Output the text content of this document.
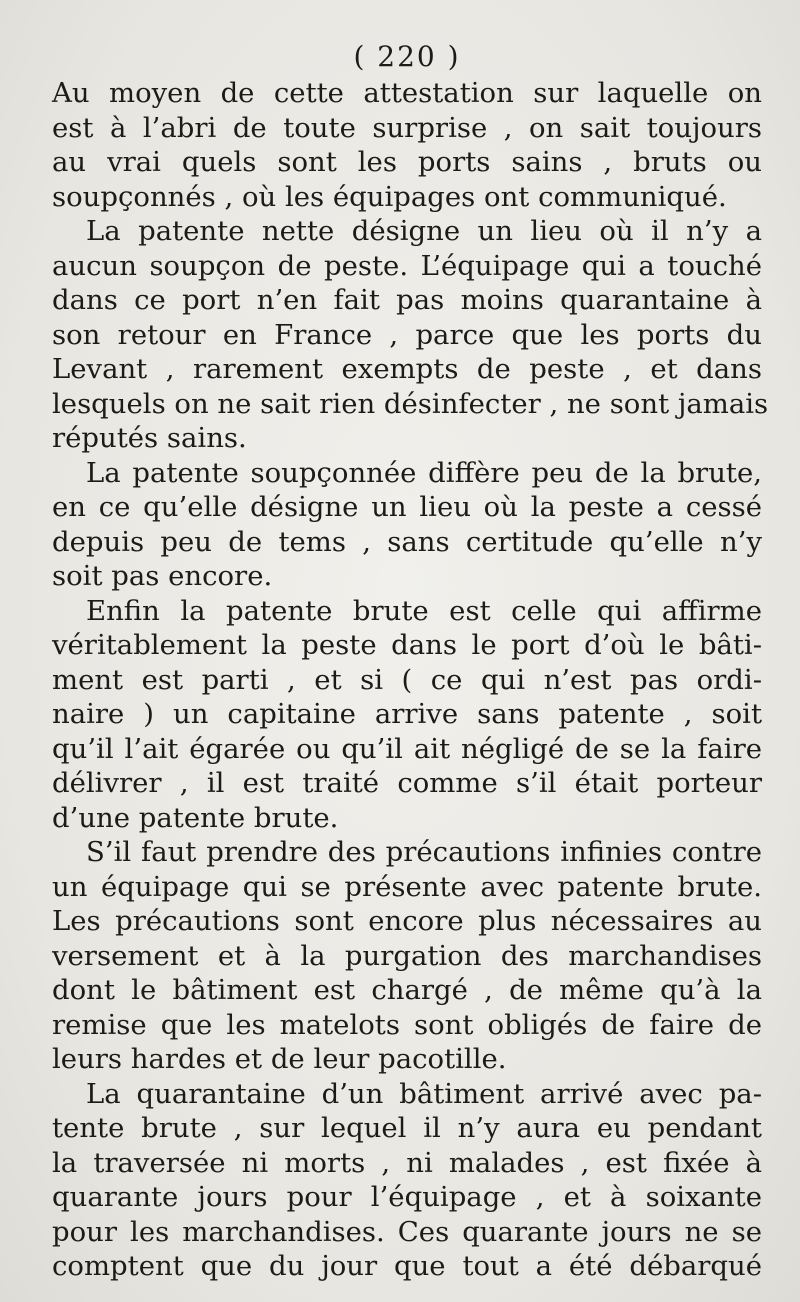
( 220 )

Au moyen de cette attestation sur laquelle on
est à l’abri de toute surprise , on sait toujours
au vrai quels sont les ports sains , bruts ou
soupçonnés , où les équipages ont communiqué.

La patente nette désigne un lieu où il n’y a
aucun soupçon de peste. L’équipage qui a touché
dans ce port n’en fait pas moins quarantaine à
son retour en France , parce que les ports du
Levant , rarement exempts de peste , et dans
lesquels on ne sait rien désinfecter , ne sont jamais
réputés sains.

La patente soupçonnée diffère peu de la brute,
en ce qu’elle désigne un lieu où la peste a cessé
depuis peu de tems , sans certitude qu’elle n’y
soit pas encore.

Enfin la patente brute est celle qui affirme
véritablement la peste dans le port d’où le bâti-
ment est parti , et si ( ce qui n’est pas ordi-
naire ) un capitaine arrive sans patente , soit
qu’il l’ait égarée ou qu’il ait négligé de se la faire
délivrer , il est traité comme s’il était porteur
d’une patente brute.

S’il faut prendre des précautions infinies contre
un équipage qui se présente avec patente brute.
Les précautions sont encore plus nécessaires au
versement et à la purgation des marchandises
dont le bâtiment est chargé , de même qu’à la
remise que les matelots sont obligés de faire de
leurs hardes et de leur pacotille.

La quarantaine d’un bâtiment arrivé avec pa-
tente brute , sur lequel il n’y aura eu pendant
la traversée ni morts , ni malades , est fixée à
quarante jours pour l’équipage , et à soixante
pour les marchandises. Ces quarante jours ne se
comptent que du jour que tout a été débarqué
